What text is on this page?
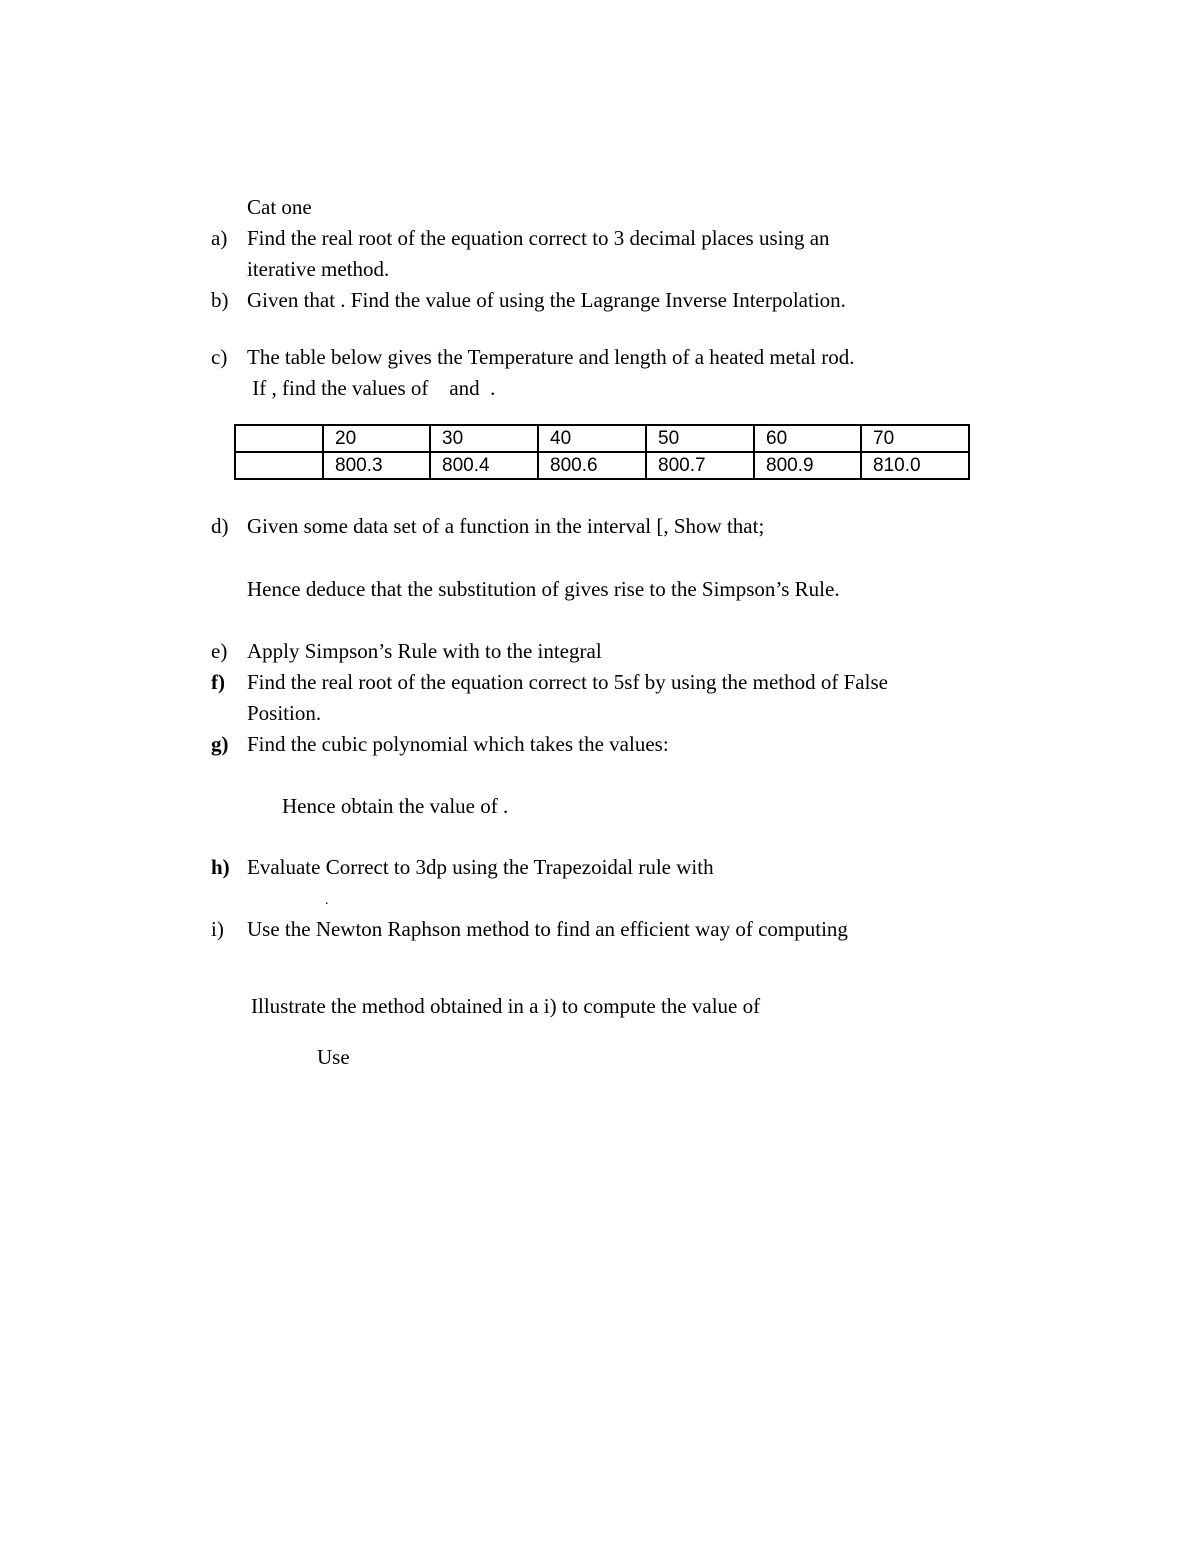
Cat one
a) Find the real root of the equation correct to 3 decimal places using an
iterative method.
b) Given that . Find the value of using the Lagrange Inverse Interpolation.
c) The table below gives the Temperature and length of a heated metal rod.
If , find the values of    and  .
	20	30	40	50	60	70
	800.3	800.4	800.6	800.7	800.9	810.0
d) Given some data set of a function in the interval [, Show that;
Hence deduce that the substitution of gives rise to the Simpson’s Rule.
e) Apply Simpson’s Rule with to the integral
f) Find the real root of the equation correct to 5sf by using the method of False
Position.
g) Find the cubic polynomial which takes the values:
Hence obtain the value of .
h) Evaluate Correct to 3dp using the Trapezoidal rule with
.
i) Use the Newton Raphson method to find an efficient way of computing
Illustrate the method obtained in a i) to compute the value of
Use
